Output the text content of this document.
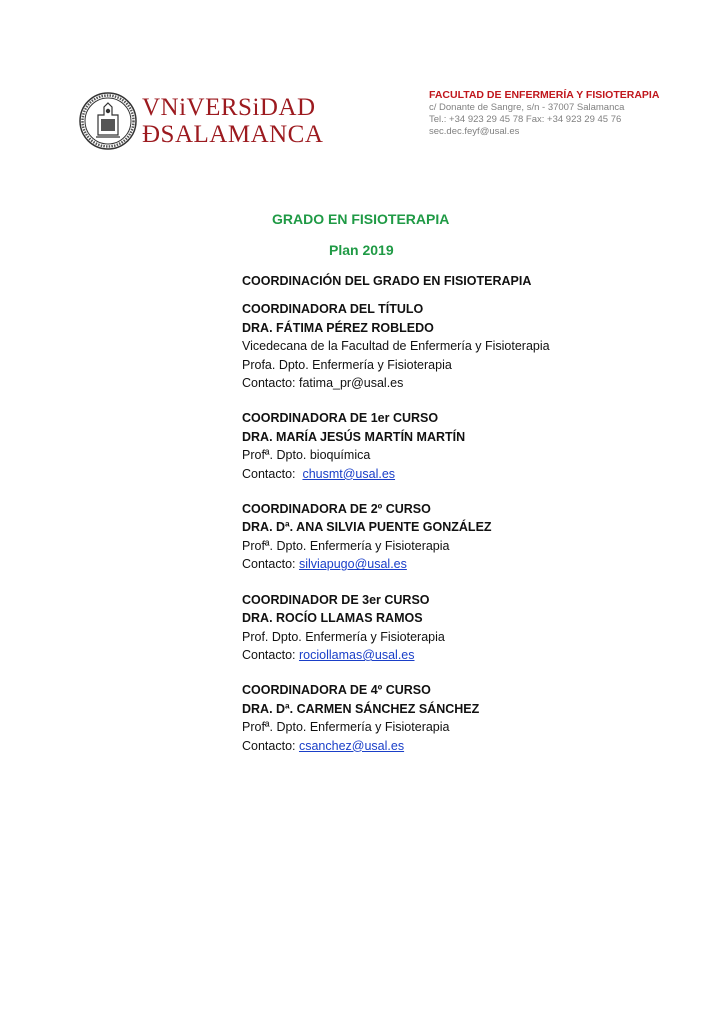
VNiVERSiDAD
ÐSALAMANCA
FACULTAD DE ENFERMERÍA Y FISIOTERAPIA
c/ Donante de Sangre, s/n - 37007 Salamanca
Tel.: +34 923 29 45 78 Fax: +34 923 29 45 76
sec.dec.feyf@usal.es
GRADO EN FISIOTERAPIA
Plan 2019
COORDINACIÓN DEL GRADO EN FISIOTERAPIA
COORDINADORA DEL TÍTULO
DRA. FÁTIMA PÉREZ ROBLEDO
Vicedecana de la Facultad de Enfermería y Fisioterapia
Profa. Dpto. Enfermería y Fisioterapia
Contacto: fatima_pr@usal.es
COORDINADORA DE 1er CURSO
DRA. MARÍA JESÚS MARTÍN MARTÍN
Profª. Dpto. bioquímica
Contacto:  chusmt@usal.es
COORDINADORA DE 2º CURSO
DRA. Dª. ANA SILVIA PUENTE GONZÁLEZ
Profª. Dpto. Enfermería y Fisioterapia
Contacto: silviapugo@usal.es
COORDINADOR DE 3er CURSO
DRA. ROCÍO LLAMAS RAMOS
Prof. Dpto. Enfermería y Fisioterapia
Contacto: rociollamas@usal.es
COORDINADORA DE 4º CURSO
DRA. Dª. CARMEN SÁNCHEZ SÁNCHEZ
Profª. Dpto. Enfermería y Fisioterapia
Contacto: csanchez@usal.es
